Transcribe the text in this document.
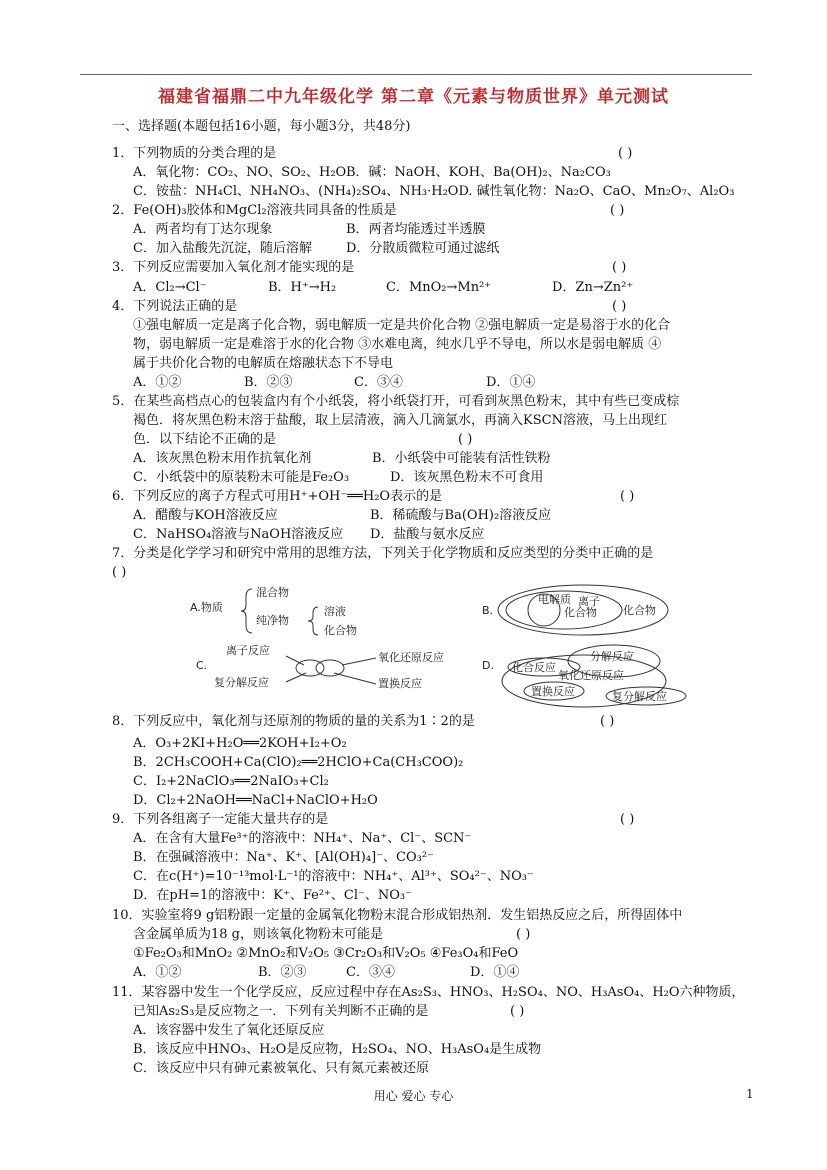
福建省福鼎二中九年级化学 第二章《元素与物质世界》单元测试
一、选择题(本题包括16小题，每小题3分，共48分)
1．下列物质的分类合理的是	( )
A．氧化物：CO₂、NO、SO₂、H₂O B．碱：NaOH、KOH、Ba(OH)₂、Na₂CO₃
C．铵盐：NH₄Cl、NH₄NO₃、(NH₄)₂SO₄、NH₃·H₂OD. 碱性氧化物：Na₂O、CaO、Mn₂O₇、Al₂O₃
2．Fe(OH)₃胶体和MgCl₂溶液共同具备的性质是	( )
A．两者均有丁达尔现象	B．两者均能透过半透膜
C．加入盐酸先沉淀，随后溶解	D．分散质微粒可通过滤纸
3．下列反应需要加入氧化剂才能实现的是	( )
A．Cl₂→Cl⁻	B．H⁺→H₂	C．MnO₂→Mn²⁺	D．Zn→Zn²⁺
4．下列说法正确的是	( )
①强电解质一定是离子化合物，弱电解质一定是共价化合物 ②强电解质一定是易溶于水的化合
物，弱电解质一定是难溶于水的化合物 ③水难电离，纯水几乎不导电，所以水是弱电解质 ④
属于共价化合物的电解质在熔融状态下不导电
A．①②	B．②③	C．③④	D．①④
5．在某些高档点心的包装盒内有个小纸袋，将小纸袋打开，可看到灰黑色粉末，其中有些已变成棕
褐色．将灰黑色粉末溶于盐酸，取上层清液，滴入几滴氯水，再滴入KSCN溶液，马上出现红
色．以下结论不正确的是	( )
A．该灰黑色粉末用作抗氧化剂	B．小纸袋中可能装有活性铁粉
C．小纸袋中的原装粉末可能是Fe₂O₃	D．该灰黑色粉末不可食用
6．下列反应的离子方程式可用H⁺+OH⁻══H₂O表示的是	( )
A．醋酸与KOH溶液反应	B．稀硫酸与Ba(OH)₂溶液反应
C．NaHSO₄溶液与NaOH溶液反应 D．盐酸与氨水反应
7．分类是化学学习和研究中常用的思维方法，下列关于化学物质和反应类型的分类中正确的是
( )
A.物质
混合物
纯净物
溶液
化合物
B.
电解质 离子
化合物 化合物
C.
离子反应
复分解反应
氧化还原反应
置换反应
D.
分解反应
化合反应
氧化还原反应
置换反应	复分解反应
8．下列反应中，氧化剂与还原剂的物质的量的关系为1∶2的是	( )
A．O₃+2KI+H₂O══2KOH+I₂+O₂
B．2CH₃COOH+Ca(ClO)₂══2HClO+Ca(CH₃COO)₂
C．I₂+2NaClO₃══2NaIO₃+Cl₂
D．Cl₂+2NaOH══NaCl+NaClO+H₂O
9．下列各组离子一定能大量共存的是	( )
A．在含有大量Fe³⁺的溶液中：NH₄⁺、Na⁺、Cl⁻、SCN⁻
B．在强碱溶液中：Na⁺、K⁺、[Al(OH)₄]⁻、CO₃²⁻
C．在c(H⁺)=10⁻¹³mol·L⁻¹的溶液中：NH₄⁺、Al³⁺、SO₄²⁻、NO₃⁻
D．在pH=1的溶液中：K⁺、Fe²⁺、Cl⁻、NO₃⁻
10．实验室将9 g铝粉跟一定量的金属氧化物粉末混合形成铝热剂．发生铝热反应之后，所得固体中
含金属单质为18 g，则该氧化物粉末可能是	( )
①Fe₂O₃和MnO₂ ②MnO₂和V₂O₅ ③Cr₂O₃和V₂O₅ ④Fe₃O₄和FeO
A．①②	B．②③	C．③④	D．①④
11．某容器中发生一个化学反应，反应过程中存在As₂S₃、HNO₃、H₂SO₄、NO、H₃AsO₄、H₂O六种物质，
已知As₂S₃是反应物之一．下列有关判断不正确的是	( )
A．该容器中发生了氧化还原反应
B．该反应中HNO₃、H₂O是反应物，H₂SO₄、NO、H₃AsO₄是生成物
C．该反应中只有砷元素被氧化、只有氮元素被还原
用心 爱心 专心	1
